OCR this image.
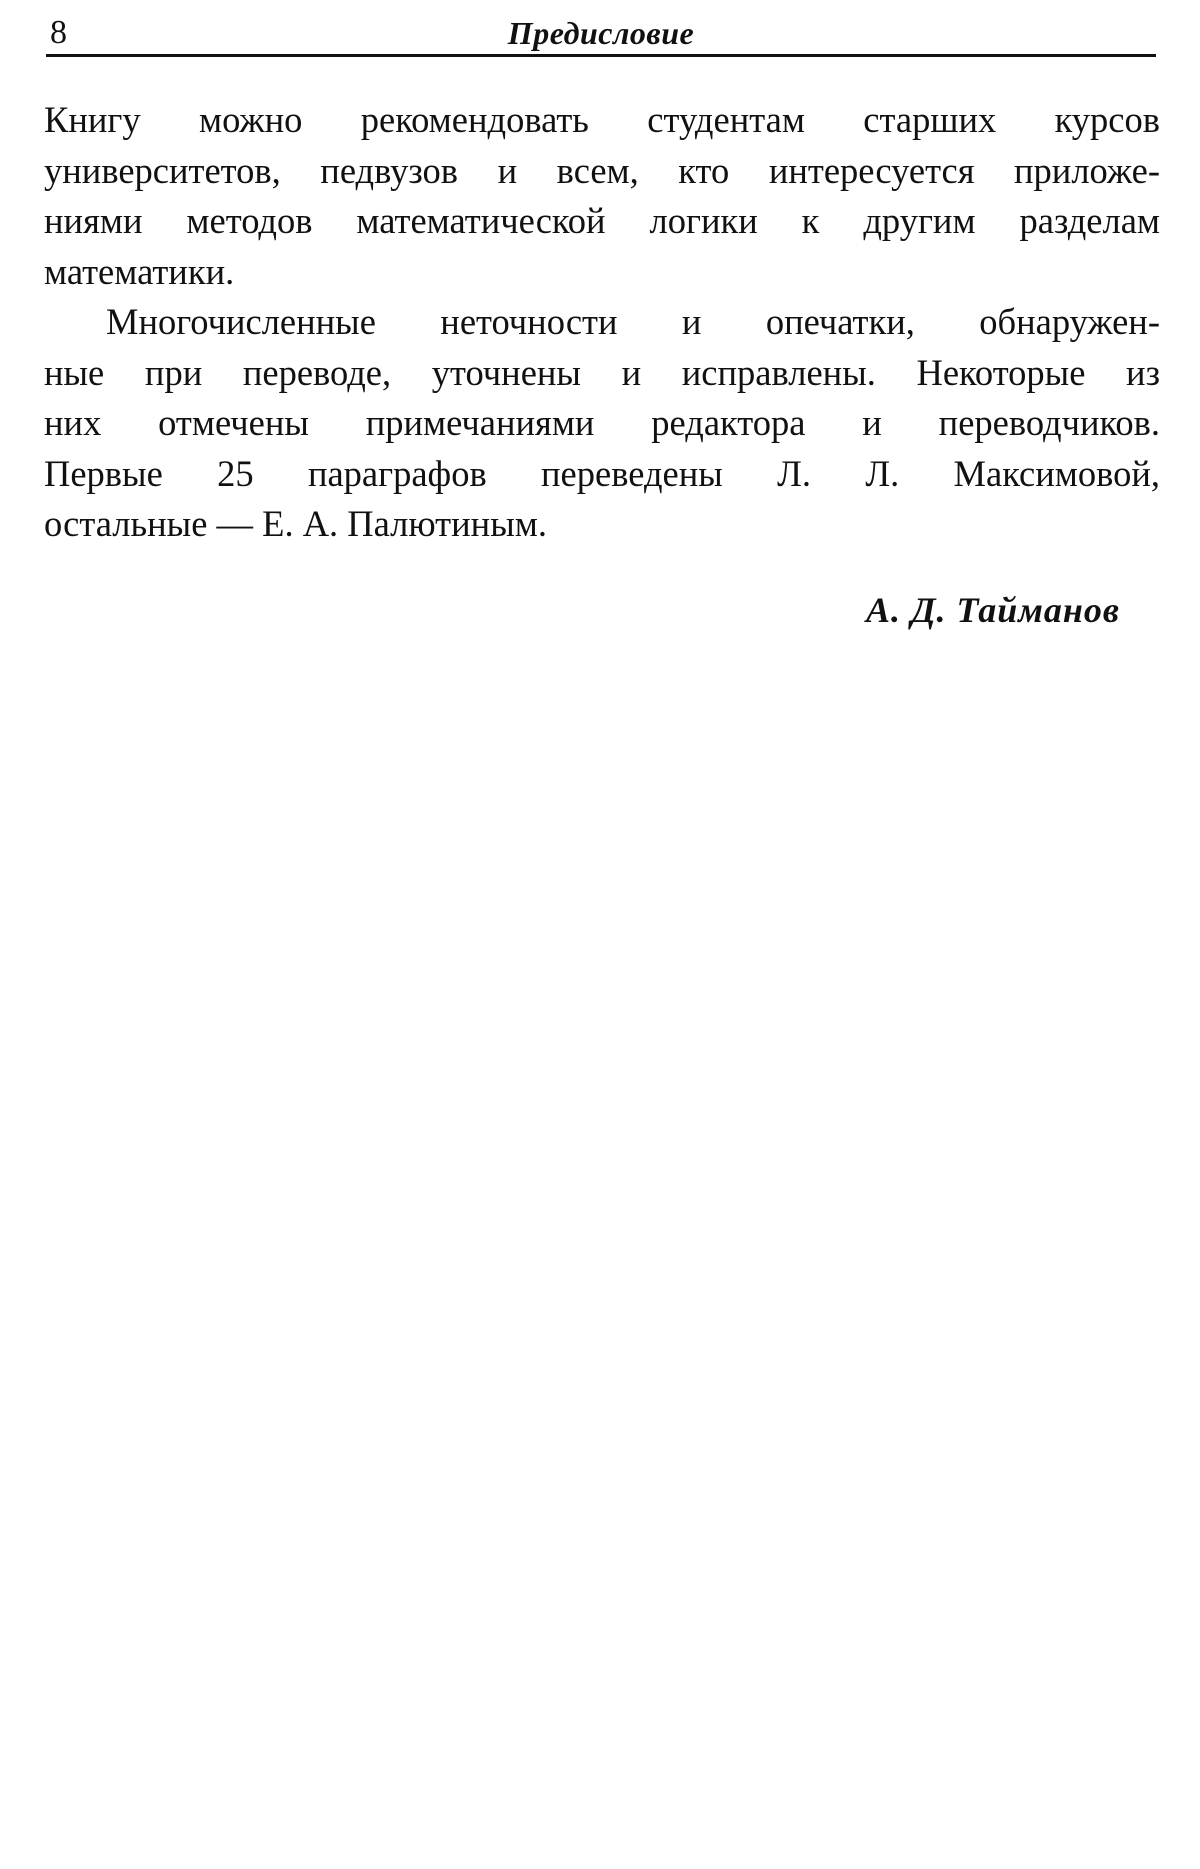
8	Предисловие
Книгу можно рекомендовать студентам старших курсов
университетов, педвузов и всем, кто интересуется приложе-
ниями методов математической логики к другим разделам
математики.
Многочисленные неточности и опечатки, обнаружен-
ные при переводе, уточнены и исправлены. Некоторые из
них отмечены примечаниями редактора и переводчиков.
Первые 25 параграфов переведены Л. Л. Максимовой,
остальные — Е. А. Палютиным.
А. Д. Тайманов
